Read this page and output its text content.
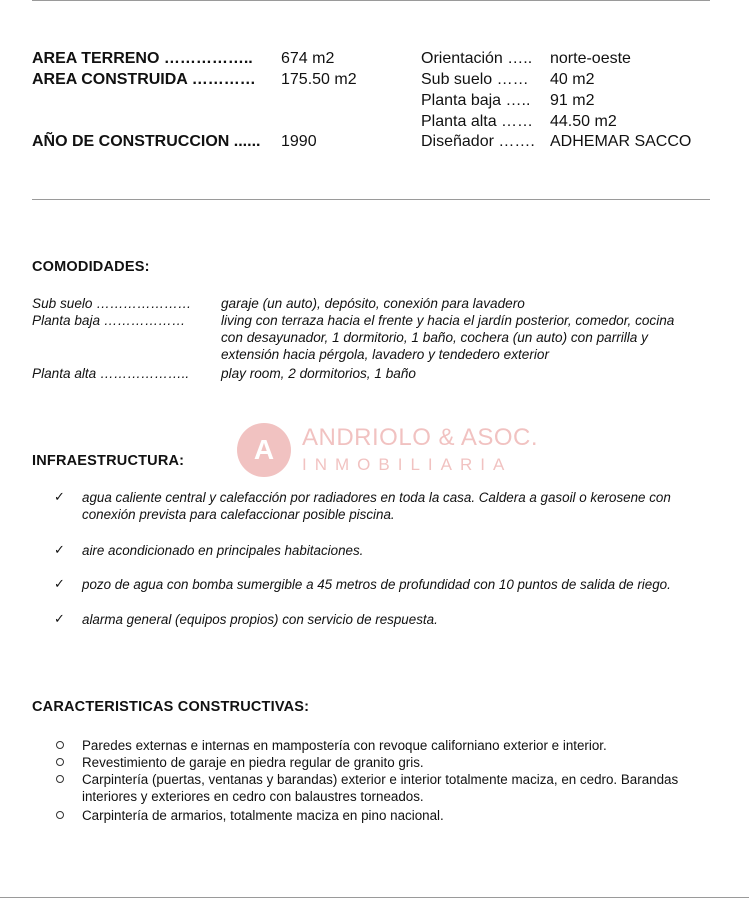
AREA TERRENO …………….. 674 m2
AREA CONSTRUIDA ………… 175.50 m2
AÑO DE CONSTRUCCION ...... 1990
Orientación ….. norte-oeste
Sub suelo …… 40 m2
Planta baja ….. 91 m2
Planta alta …… 44.50 m2
Diseñador ……. ADHEMAR SACCO
COMODIDADES:
Sub suelo ………………… garaje (un auto), depósito, conexión para lavadero
Planta baja ………………	living con terraza hacia el frente y hacia el jardín posterior, comedor, cocina
con desayunador, 1 dormitorio, 1 baño, cochera (un auto) con parrilla y
extensión hacia pérgola, lavadero y tendedero exterior
Planta alta ……………….. play room, 2 dormitorios, 1 baño
A ANDRIOLO & ASOC.
INMOBILIARIA
INFRAESTRUCTURA:
✓ agua caliente central y calefacción por radiadores en toda la casa. Caldera a gasoil o kerosene con
conexión prevista para calefaccionar posible piscina.
✓ aire acondicionado en principales habitaciones.
✓ pozo de agua con bomba sumergible a 45 metros de profundidad con 10 puntos de salida de riego.
✓ alarma general (equipos propios) con servicio de respuesta.
CARACTERISTICAS CONSTRUCTIVAS:
Paredes externas e internas en mampostería con revoque californiano exterior e interior.
Revestimiento de garaje en piedra regular de granito gris.
Carpintería (puertas, ventanas y barandas) exterior e interior totalmente maciza, en cedro. Barandas
interiores y exteriores en cedro con balaustres torneados.
Carpintería de armarios, totalmente maciza en pino nacional.
